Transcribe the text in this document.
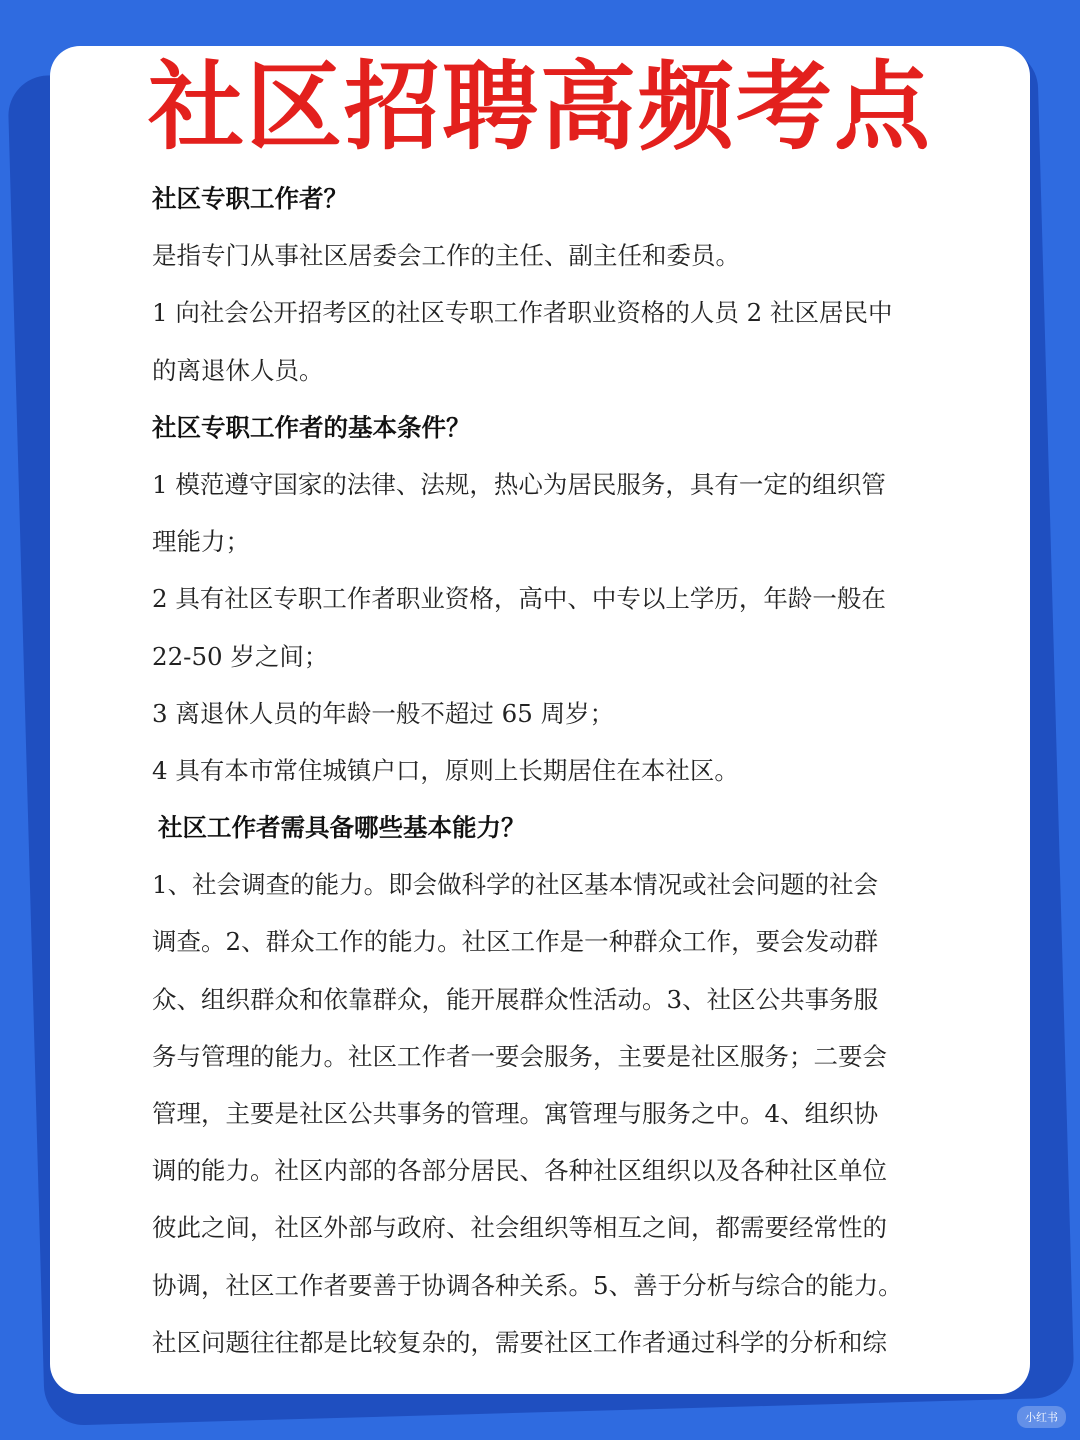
社区招聘高频考点

社区专职工作者？

是指专门从事社区居委会工作的主任、副主任和委员。

1 向社会公开招考区的社区专职工作者职业资格的人员 2 社区居民中

的离退休人员。

社区专职工作者的基本条件？

1 模范遵守国家的法律、法规，热心为居民服务，具有一定的组织管

理能力；

2 具有社区专职工作者职业资格，高中、中专以上学历，年龄一般在

22-50 岁之间；

3 离退休人员的年龄一般不超过 65 周岁；

4 具有本市常住城镇户口，原则上长期居住在本社区。

社区工作者需具备哪些基本能力？

1、社会调查的能力。即会做科学的社区基本情况或社会问题的社会

调查。2、群众工作的能力。社区工作是一种群众工作，要会发动群

众、组织群众和依靠群众，能开展群众性活动。3、社区公共事务服

务与管理的能力。社区工作者一要会服务，主要是社区服务；二要会

管理，主要是社区公共事务的管理。寓管理与服务之中。4、组织协

调的能力。社区内部的各部分居民、各种社区组织以及各种社区单位

彼此之间，社区外部与政府、社会组织等相互之间，都需要经常性的

协调，社区工作者要善于协调各种关系。5、善于分析与综合的能力。

社区问题往往都是比较复杂的，需要社区工作者通过科学的分析和综

小红书
